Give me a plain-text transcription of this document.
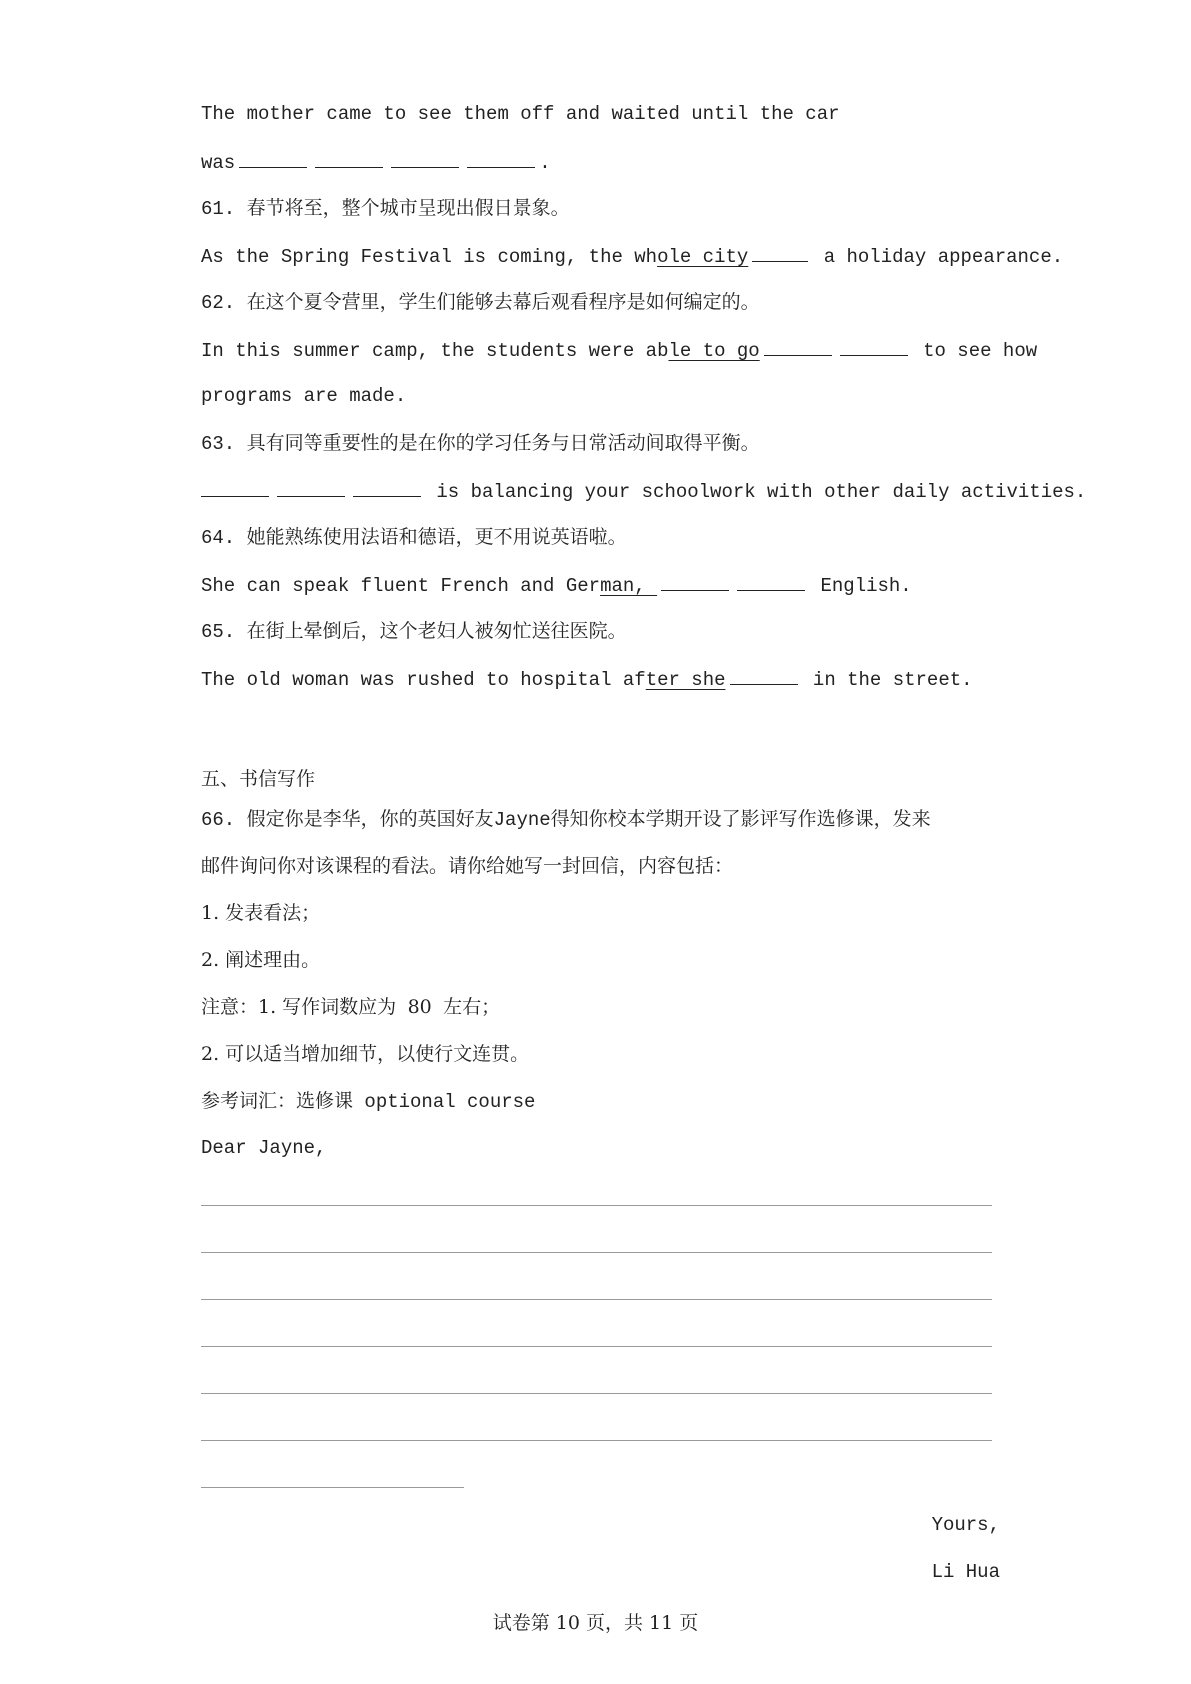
The mother came to see them off and waited until the car
was	.
61. 春节将至，整个城市呈现出假日景象。
As the Spring Festival is coming, the whole city	a holiday appearance.
62. 在这个夏令营里，学生们能够去幕后观看程序是如何编定的。
In this summer camp, the students were able to go	to see how
programs are made.
63. 具有同等重要性的是在你的学习任务与日常活动间取得平衡。
is balancing your schoolwork with other daily activities.
64. 她能熟练使用法语和德语，更不用说英语啦。
She can speak fluent French and German,	English.
65. 在街上晕倒后，这个老妇人被匆忙送往医院。
The old woman was rushed to hospital after she	in the street.
五、书信写作
66. 假定你是李华，你的英国好友Jayne得知你校本学期开设了影评写作选修课，发来
邮件询问你对该课程的看法。请你给她写一封回信，内容包括：
1. 发表看法；
2. 阐述理由。
注意：1. 写作词数应为 80 左右；
2. 可以适当增加细节，以使行文连贯。
参考词汇：选修课 optional course
Dear Jayne,
Yours,
Li Hua
试卷第 10 页，共 11 页
